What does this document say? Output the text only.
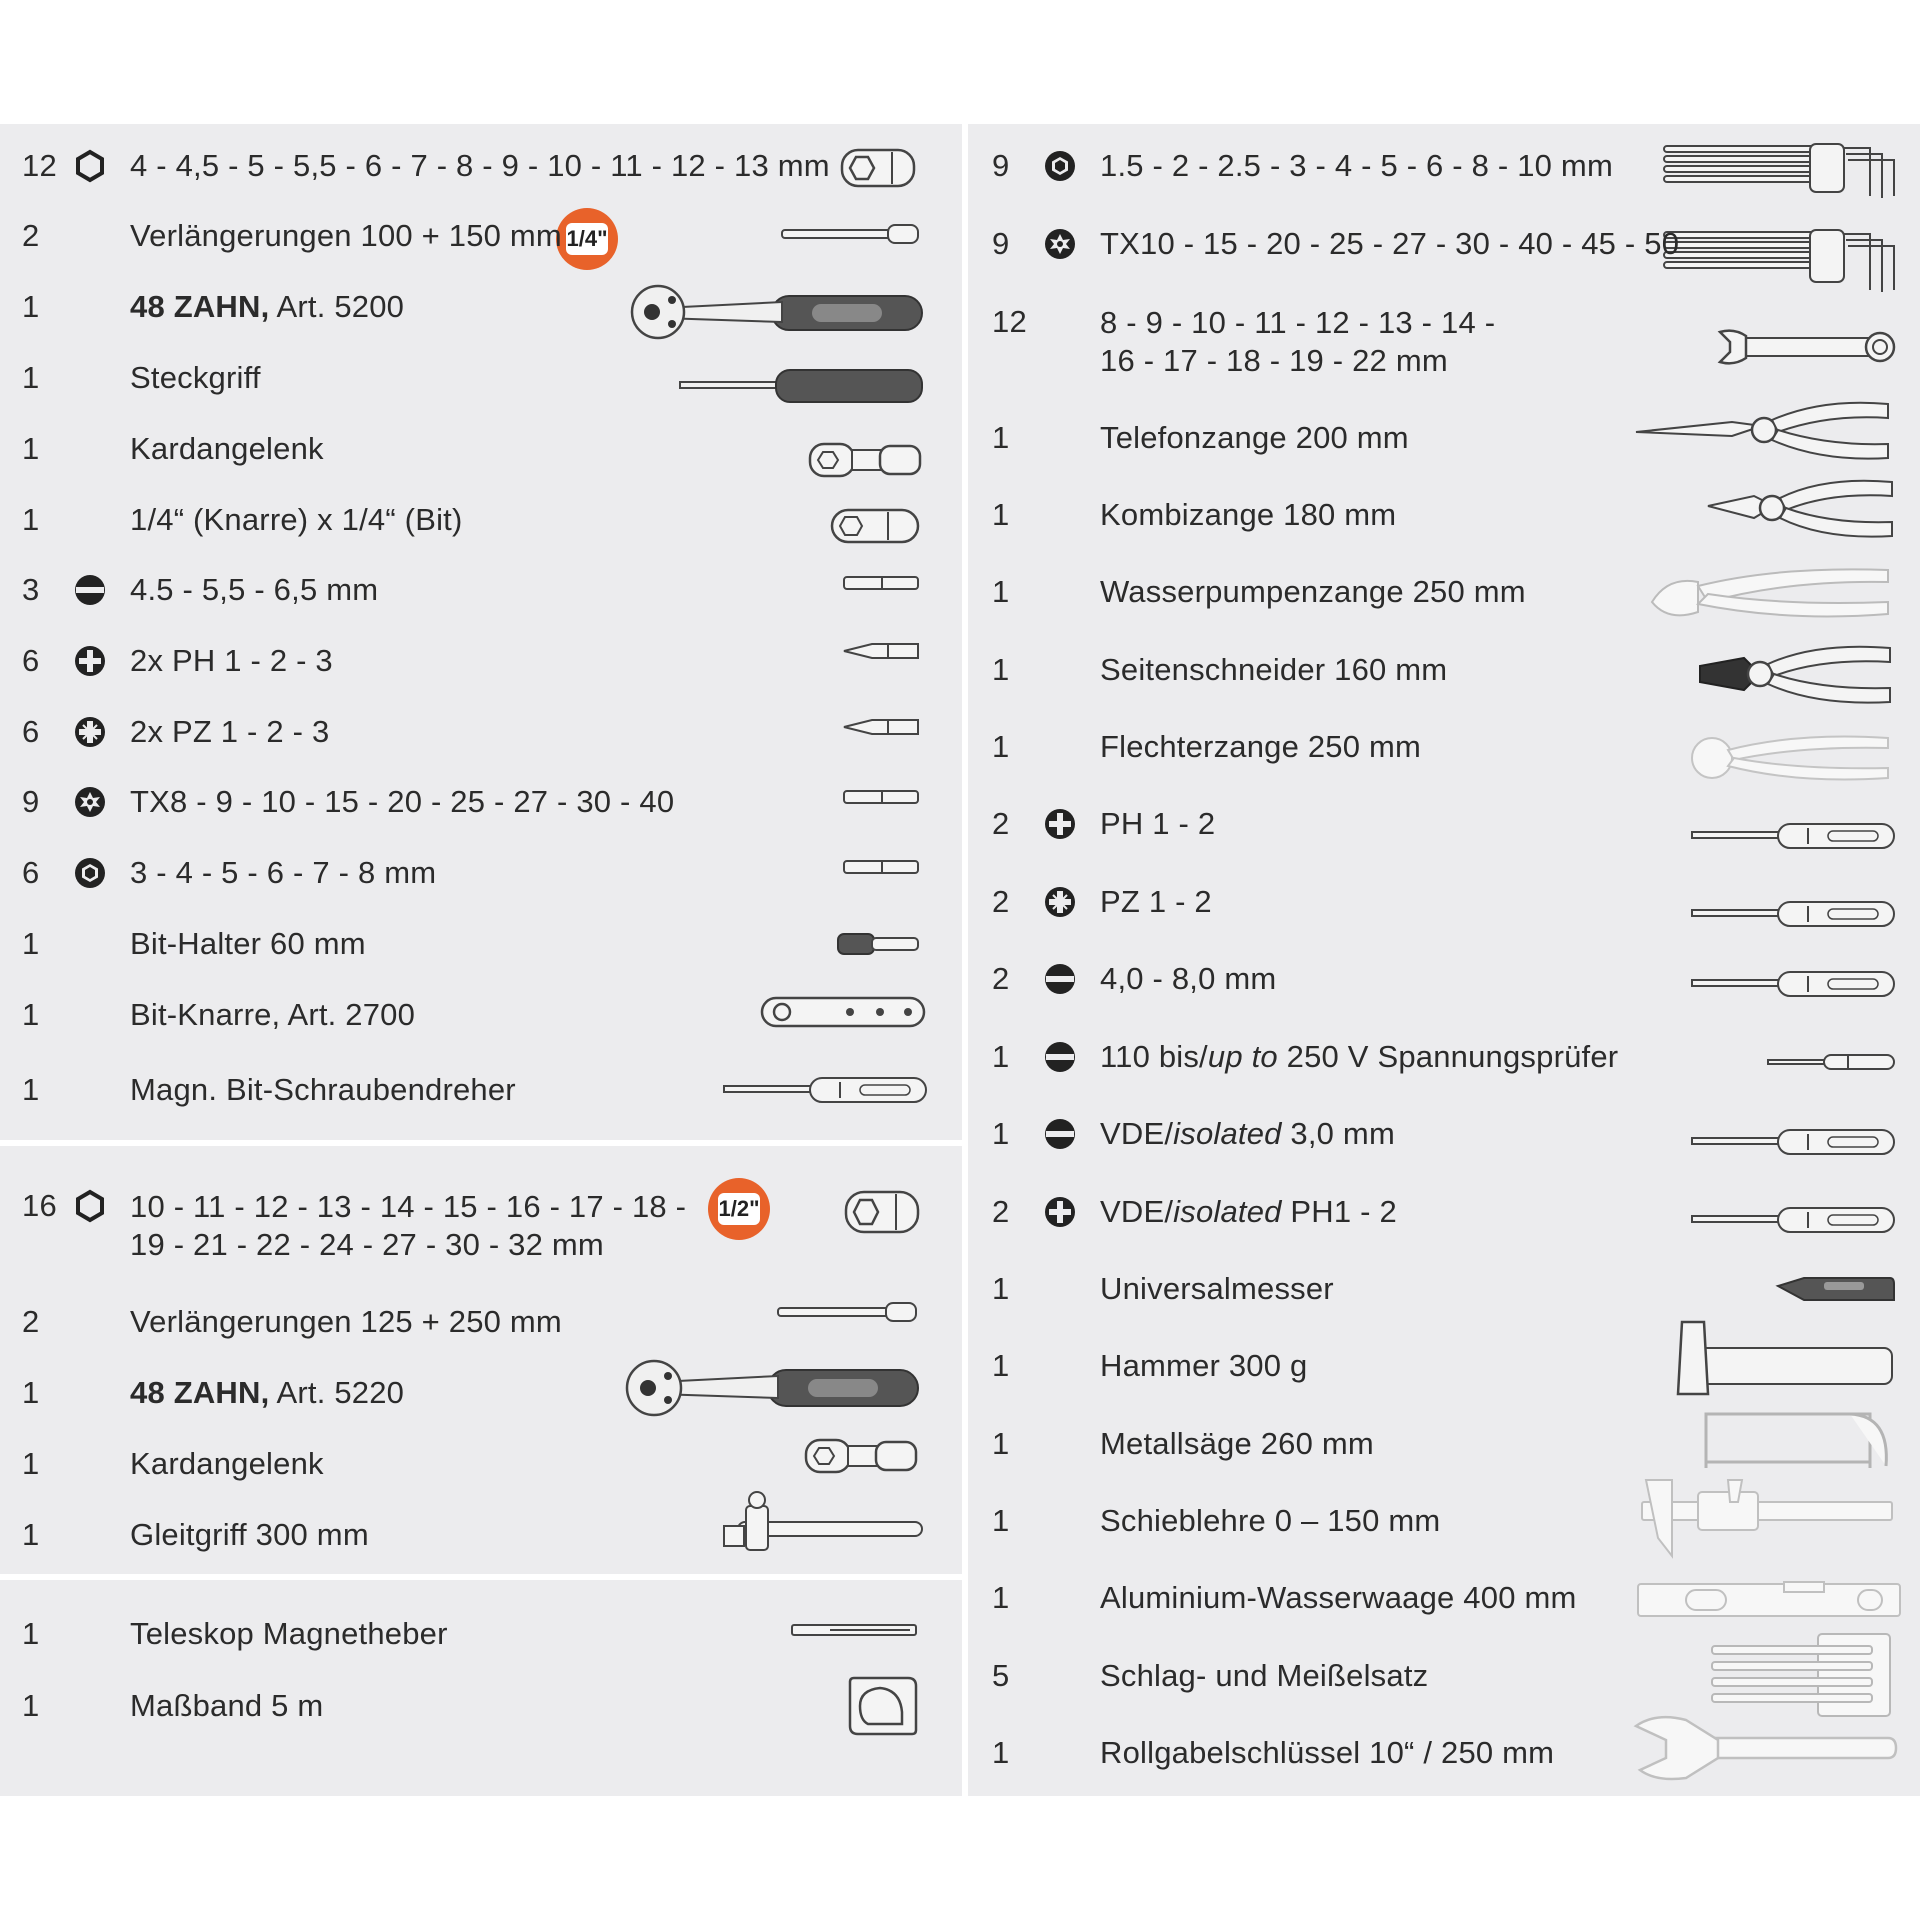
1/4"
1/2"
12	4 - 4,5 - 5 - 5,5 - 6 - 7 - 8 - 9 - 10 - 11 - 12 - 13 mm
2	Verlängerungen 100 + 150 mm
1	48 ZAHN, Art. 5200
1	Steckgriff
1	Kardangelenk
1	1/4“ (Knarre) x 1/4“ (Bit)
3	4.5 - 5,5 - 6,5 mm
6	2x PH 1 - 2 - 3
6	2x PZ 1 - 2 - 3
9	TX8 - 9 - 10 - 15 - 20 - 25 - 27 - 30 - 40
6	3 - 4 - 5 - 6 - 7 - 8 mm
1	Bit-Halter 60 mm
1	Bit-Knarre, Art. 2700
1	Magn. Bit-Schraubendreher
16	10 - 11 - 12 - 13 - 14 - 15 - 16 - 17 - 18 -
19 - 21 - 22 - 24 - 27 - 30 - 32 mm
2	Verlängerungen 125 + 250 mm
1	48 ZAHN, Art. 5220
1	Kardangelenk
1	Gleitgriff 300 mm
1	Teleskop Magnetheber
1	Maßband 5 m
9	1.5 - 2 - 2.5 - 3 - 4 - 5 - 6 - 8 - 10 mm
9	TX10 - 15 - 20 - 25 - 27 - 30 - 40 - 45 - 50
12	8 - 9 - 10 - 11 - 12 - 13 - 14 -
16 - 17 - 18 - 19 - 22 mm
1	Telefonzange 200 mm
1	Kombizange 180 mm
1	Wasserpumpenzange 250 mm
1	Seitenschneider 160 mm
1	Flechterzange 250 mm
2	PH 1 - 2
2	PZ 1 - 2
2	4,0 - 8,0 mm
1	110 bis/up to 250 V Spannungsprüfer
1	VDE/isolated 3,0 mm
2	VDE/isolated PH1 - 2
1	Universalmesser
1	Hammer 300 g
1	Metallsäge 260 mm
1	Schieblehre 0 – 150 mm
1	Aluminium-Wasserwaage 400 mm
5	Schlag- und Meißelsatz
1	Rollgabelschlüssel 10“ / 250 mm
